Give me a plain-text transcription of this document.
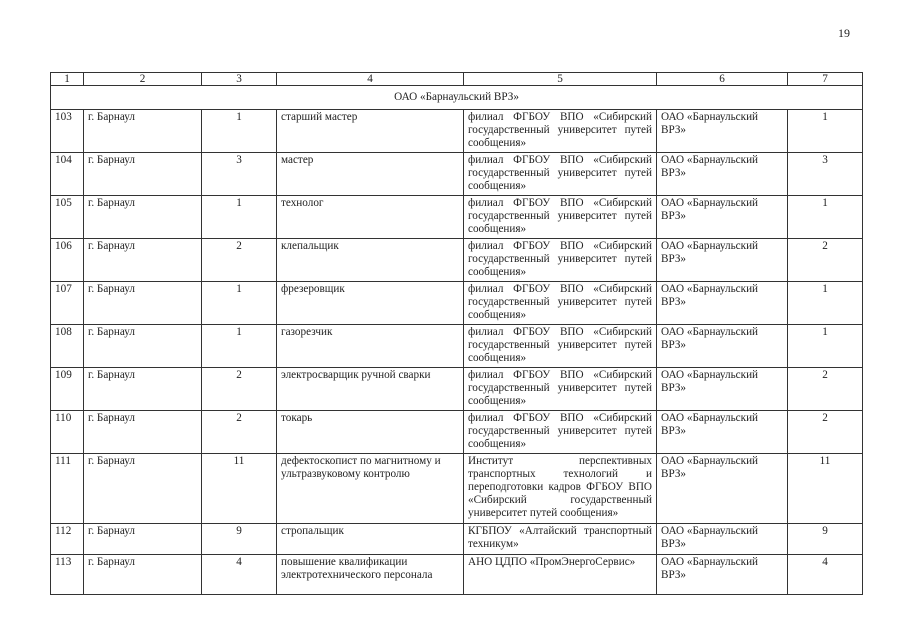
19
1	2	3	4	5	6	7
ОАО «Барнаульский ВРЗ»						
103	г. Барнаул	1	старший мастер	филиал ФГБОУ ВПО «Сибирский государственный университет путей сообщения»	ОАО «Барнаульский ВРЗ»	1
104	г. Барнаул	3	мастер	филиал ФГБОУ ВПО «Сибирский государственный университет путей сообщения»	ОАО «Барнаульский ВРЗ»	3
105	г. Барнаул	1	технолог	филиал ФГБОУ ВПО «Сибирский государственный университет путей сообщения»	ОАО «Барнаульский ВРЗ»	1
106	г. Барнаул	2	клепальщик	филиал ФГБОУ ВПО «Сибирский государственный университет путей сообщения»	ОАО «Барнаульский ВРЗ»	2
107	г. Барнаул	1	фрезеровщик	филиал ФГБОУ ВПО «Сибирский государственный университет путей сообщения»	ОАО «Барнаульский ВРЗ»	1
108	г. Барнаул	1	газорезчик	филиал ФГБОУ ВПО «Сибирский государственный университет путей сообщения»	ОАО «Барнаульский ВРЗ»	1
109	г. Барнаул	2	электросварщик ручной сварки	филиал ФГБОУ ВПО «Сибирский государственный университет путей сообщения»	ОАО «Барнаульский ВРЗ»	2
110	г. Барнаул	2	токарь	филиал ФГБОУ ВПО «Сибирский государственный университет путей сообщения»	ОАО «Барнаульский ВРЗ»	2
111	г. Барнаул	11	дефектоскопист по магнитному и ультразвуковому контролю	Институт перспективных транспортных технологий и переподготовки кадров ФГБОУ ВПО «Сибирский государственный университет путей сообщения»	ОАО «Барнаульский ВРЗ»	11
112	г. Барнаул	9	стропальщик	КГБПОУ «Алтайский транспортный техникум»	ОАО «Барнаульский ВРЗ»	9
113	г. Барнаул	4	повышение квалификации электротехнического персонала	АНО ЦДПО «ПромЭнергоСервис»	ОАО «Барнаульский ВРЗ»	4
